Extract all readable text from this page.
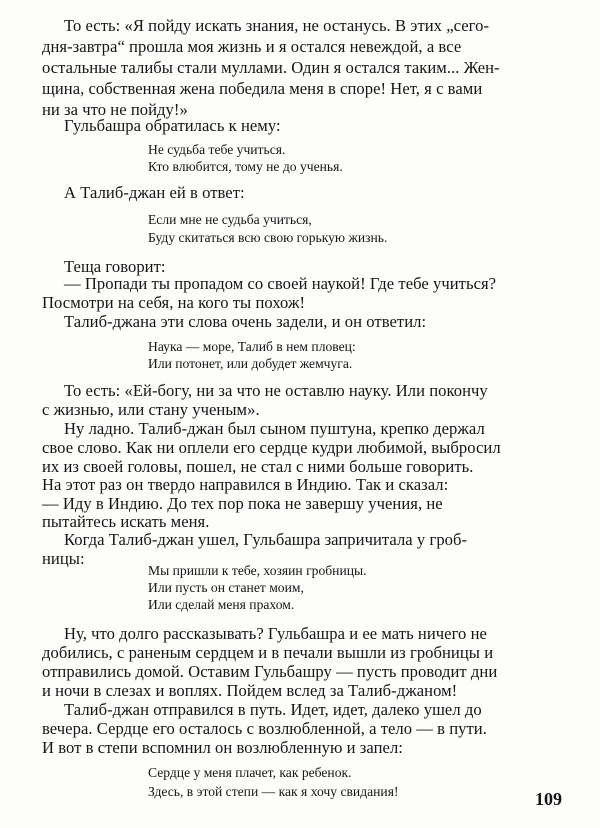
То есть: «Я пойду искать знания, не останусь. В этих „сего-

дня-завтра“ прошла моя жизнь и я остался невеждой, а все

остальные талибы стали муллами. Один я остался таким... Жен-

щина, собственная жена победила меня в споре! Нет, я с вами

ни за что не пойду!»

Гульбашра обратилась к нему:

Не судьба тебе учиться.

Кто влюбится, тому не до ученья.

А Талиб-джан ей в ответ:

Если мне не судьба учиться,

Буду скитаться всю свою горькую жизнь.

Теща говорит:

— Пропади ты пропадом со своей наукой! Где тебе учиться?

Посмотри на себя, на кого ты похож!

Талиб-джана эти слова очень задели, и он ответил:

Наука — море, Талиб в нем пловец:

Или потонет, или добудет жемчуга.

То есть: «Ей-богу, ни за что не оставлю науку. Или покончу

с жизнью, или стану ученым».

Ну ладно. Талиб-джан был сыном пуштуна, крепко держал

свое слово. Как ни оплели его сердце кудри любимой, выбросил

их из своей головы, пошел, не стал с ними больше говорить.

На этот раз он твердо направился в Индию. Так и сказал:

— Иду в Индию. До тех пор пока не завершу учения, не

пытайтесь искать меня.

Когда Талиб-джан ушел, Гульбашра запричитала у гроб-

ницы:

Мы пришли к тебе, хозяин гробницы.

Или пусть он станет моим,

Или сделай меня прахом.

Ну, что долго рассказывать? Гульбашра и ее мать ничего не

добились, с раненым сердцем и в печали вышли из гробницы и

отправились домой. Оставим Гульбашру — пусть проводит дни

и ночи в слезах и воплях. Пойдем вслед за Талиб-джаном!

Талиб-джан отправился в путь. Идет, идет, далеко ушел до

вечера. Сердце его осталось с возлюбленной, а тело — в пути.

И вот в степи вспомнил он возлюбленную и запел:

Сердце у меня плачет, как ребенок.

Здесь, в этой степи — как я хочу свидания!	109
